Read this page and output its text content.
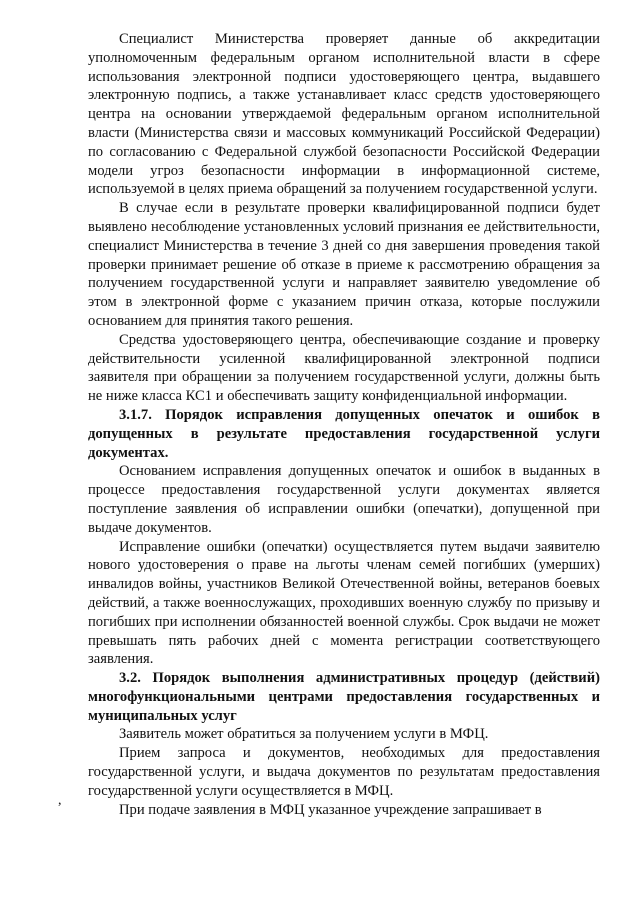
Специалист Министерства проверяет данные об аккредитации уполномоченным федеральным органом исполнительной власти в сфере использования электронной подписи удостоверяющего центра, выдавшего электронную подпись, а также устанавливает класс средств удостоверяющего центра на основании утверждаемой федеральным органом исполнительной власти (Министерства связи и массовых коммуникаций Российской Федерации) по согласованию с Федеральной службой безопасности Российской Федерации модели угроз безопасности информации в информационной системе, используемой в целях приема обращений за получением государственной услуги.

В случае если в результате проверки квалифицированной подписи будет выявлено несоблюдение установленных условий признания ее действительности, специалист Министерства в течение 3 дней со дня завершения проведения такой проверки принимает решение об отказе в приеме к рассмотрению обращения за получением государственной услуги и направляет заявителю уведомление об этом в электронной форме с указанием причин отказа, которые послужили основанием для принятия такого решения.

Средства удостоверяющего центра, обеспечивающие создание и проверку действительности усиленной квалифицированной электронной подписи заявителя при обращении за получением государственной услуги, должны быть не ниже класса КС1 и обеспечивать защиту конфиденциальной информации.

3.1.7. Порядок исправления допущенных опечаток и ошибок в допущенных в результате предоставления государственной услуги документах.

Основанием исправления допущенных опечаток и ошибок в выданных в процессе предоставления государственной услуги документах является поступление заявления об исправлении ошибки (опечатки), допущенной при выдаче документов.

Исправление ошибки (опечатки) осуществляется путем выдачи заявителю нового удостоверения о праве на льготы членам семей погибших (умерших) инвалидов войны, участников Великой Отечественной войны, ветеранов боевых действий, а также военнослужащих, проходивших военную службу по призыву и погибших при исполнении обязанностей военной службы. Срок выдачи не может превышать пять рабочих дней с момента регистрации соответствующего заявления.

3.2. Порядок выполнения административных процедур (действий) многофункциональными центрами предоставления государственных и муниципальных услуг

Заявитель может обратиться за получением услуги в МФЦ.

Прием запроса и документов, необходимых для предоставления государственной услуги, и выдача документов по результатам предоставления государственной услуги осуществляется в МФЦ.

При подаче заявления в МФЦ указанное учреждение запрашивает в

,
